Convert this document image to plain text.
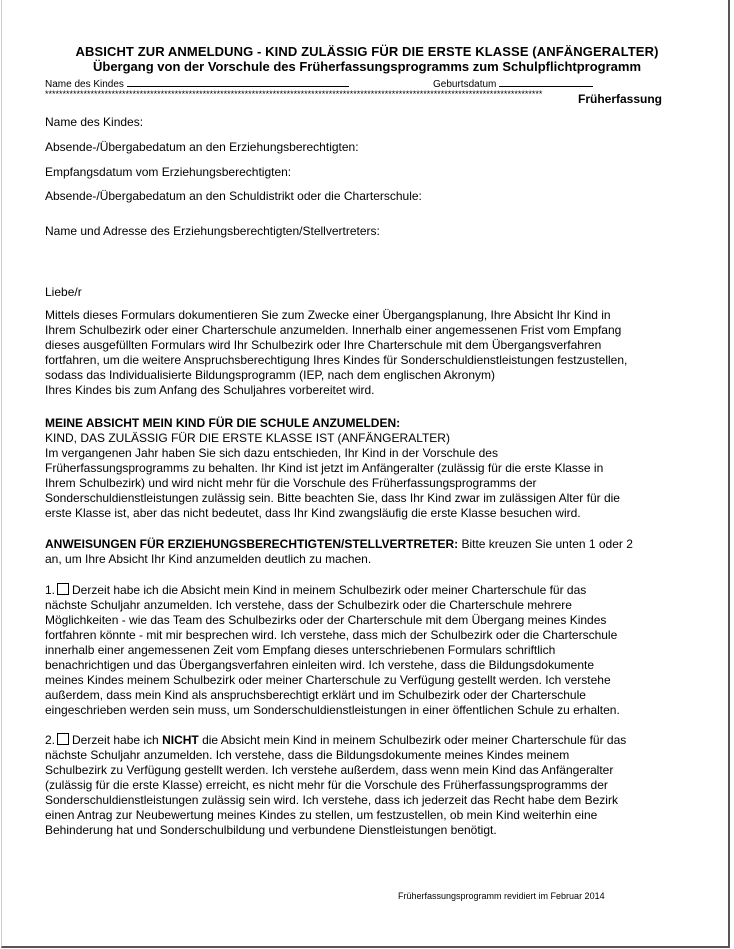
ABSICHT ZUR ANMELDUNG - KIND ZULÄSSIG FÜR DIE ERSTE KLASSE (ANFÄNGERALTER)
Übergang von der Vorschule des Früherfassungsprogramms zum Schulpflichtprogramm
Name des Kindes	Geburtsdatum
**********************************************************************************************************************************************	Früherfassung
Name des Kindes:
Absende-/Übergabedatum an den Erziehungsberechtigten:
Empfangsdatum vom Erziehungsberechtigten:
Absende-/Übergabedatum an den Schuldistrikt oder die Charterschule:
Name und Adresse des Erziehungsberechtigten/Stellvertreters:
Liebe/r

Mittels dieses Formulars dokumentieren Sie zum Zwecke einer Übergangsplanung, Ihre Absicht Ihr Kind in

Ihrem Schulbezirk oder einer Charterschule anzumelden. Innerhalb einer angemessenen Frist vom Empfang

dieses ausgefüllten Formulars wird Ihr Schulbezirk oder Ihre Charterschule mit dem Übergangsverfahren

fortfahren, um die weitere Anspruchsberechtigung Ihres Kindes für Sonderschuldienstleistungen festzustellen,

sodass das Individualisierte Bildungsprogramm (IEP, nach dem englischen Akronym)

Ihres Kindes bis zum Anfang des Schuljahres vorbereitet wird.

MEINE ABSICHT MEIN KIND FÜR DIE SCHULE ANZUMELDEN:

KIND, DAS ZULÄSSIG FÜR DIE ERSTE KLASSE IST (ANFÄNGERALTER)

Im vergangenen Jahr haben Sie sich dazu entschieden, Ihr Kind in der Vorschule des

Früherfassungsprogramms zu behalten. Ihr Kind ist jetzt im Anfängeralter (zulässig für die erste Klasse in

Ihrem Schulbezirk) und wird nicht mehr für die Vorschule des Früherfassungsprogramms der

Sonderschuldienstleistungen zulässig sein. Bitte beachten Sie, dass Ihr Kind zwar im zulässigen Alter für die

erste Klasse ist, aber das nicht bedeutet, dass Ihr Kind zwangsläufig die erste Klasse besuchen wird.

ANWEISUNGEN FÜR ERZIEHUNGSBERECHTIGTEN/STELLVERTRETER: Bitte kreuzen Sie unten 1 oder 2

an, um Ihre Absicht Ihr Kind anzumelden deutlich zu machen.

1. Derzeit habe ich die Absicht mein Kind in meinem Schulbezirk oder meiner Charterschule für das

nächste Schuljahr anzumelden. Ich verstehe, dass der Schulbezirk oder die Charterschule mehrere

Möglichkeiten - wie das Team des Schulbezirks oder der Charterschule mit dem Übergang meines Kindes

fortfahren könnte - mit mir besprechen wird. Ich verstehe, dass mich der Schulbezirk oder die Charterschule

innerhalb einer angemessenen Zeit vom Empfang dieses unterschriebenen Formulars schriftlich

benachrichtigen und das Übergangsverfahren einleiten wird. Ich verstehe, dass die Bildungsdokumente

meines Kindes meinem Schulbezirk oder meiner Charterschule zu Verfügung gestellt werden. Ich verstehe

außerdem, dass mein Kind als anspruchsberechtigt erklärt und im Schulbezirk oder der Charterschule

eingeschrieben werden sein muss, um Sonderschuldienstleistungen in einer öffentlichen Schule zu erhalten.

2. Derzeit habe ich NICHT die Absicht mein Kind in meinem Schulbezirk oder meiner Charterschule für das

nächste Schuljahr anzumelden. Ich verstehe, dass die Bildungsdokumente meines Kindes meinem

Schulbezirk zu Verfügung gestellt werden. Ich verstehe außerdem, dass wenn mein Kind das Anfängeralter

(zulässig für die erste Klasse) erreicht, es nicht mehr für die Vorschule des Früherfassungsprogramms der

Sonderschuldienstleistungen zulässig sein wird. Ich verstehe, dass ich jederzeit das Recht habe dem Bezirk

einen Antrag zur Neubewertung meines Kindes zu stellen, um festzustellen, ob mein Kind weiterhin eine

Behinderung hat und Sonderschulbildung und verbundene Dienstleistungen benötigt.

Früherfassungsprogramm revidiert im Februar 2014
